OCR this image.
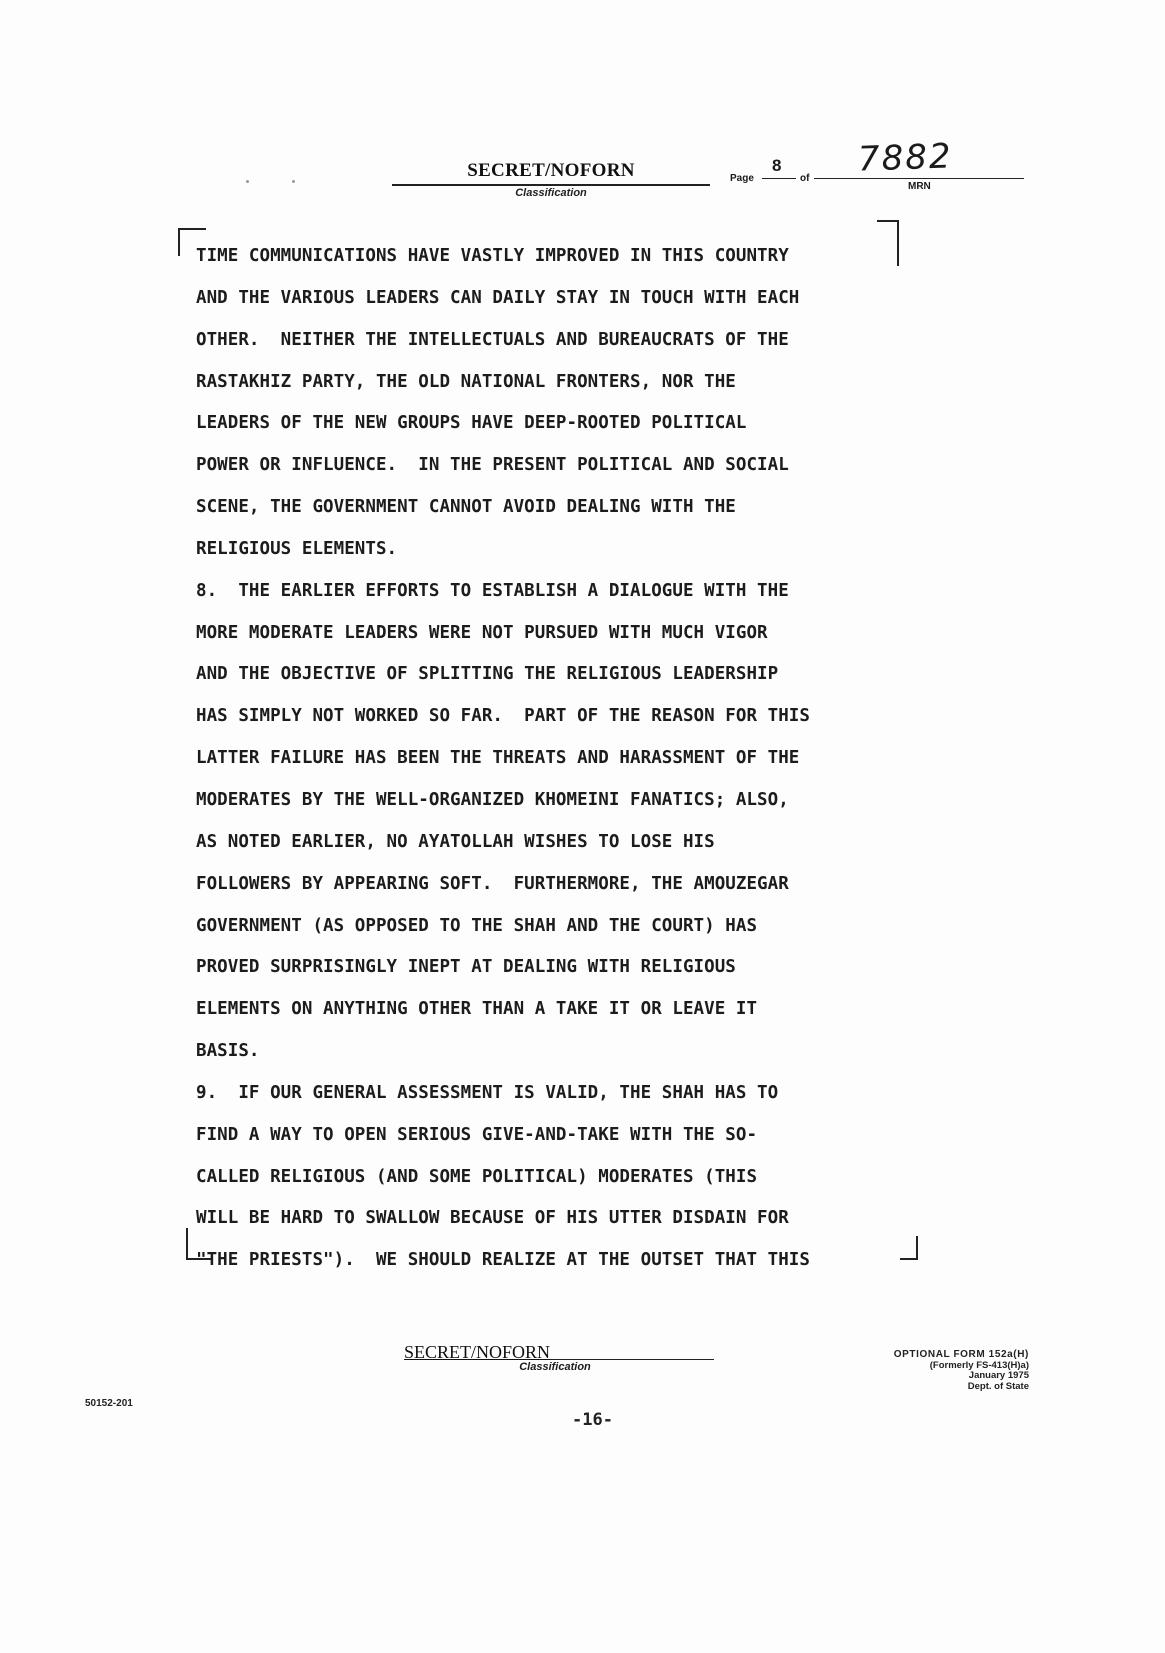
SECRET/NOFORN
Classification
Page
8
of 7882
MRN
TIME COMMUNICATIONS HAVE VASTLY IMPROVED IN THIS COUNTRY
AND THE VARIOUS LEADERS CAN DAILY STAY IN TOUCH WITH EACH
OTHER.  NEITHER THE INTELLECTUALS AND BUREAUCRATS OF THE
RASTAKHIZ PARTY, THE OLD NATIONAL FRONTERS, NOR THE
LEADERS OF THE NEW GROUPS HAVE DEEP-ROOTED POLITICAL
POWER OR INFLUENCE.  IN THE PRESENT POLITICAL AND SOCIAL
SCENE, THE GOVERNMENT CANNOT AVOID DEALING WITH THE
RELIGIOUS ELEMENTS.
8.  THE EARLIER EFFORTS TO ESTABLISH A DIALOGUE WITH THE
MORE MODERATE LEADERS WERE NOT PURSUED WITH MUCH VIGOR
AND THE OBJECTIVE OF SPLITTING THE RELIGIOUS LEADERSHIP
HAS SIMPLY NOT WORKED SO FAR.  PART OF THE REASON FOR THIS
LATTER FAILURE HAS BEEN THE THREATS AND HARASSMENT OF THE
MODERATES BY THE WELL-ORGANIZED KHOMEINI FANATICS; ALSO,
AS NOTED EARLIER, NO AYATOLLAH WISHES TO LOSE HIS
FOLLOWERS BY APPEARING SOFT.  FURTHERMORE, THE AMOUZEGAR
GOVERNMENT (AS OPPOSED TO THE SHAH AND THE COURT) HAS
PROVED SURPRISINGLY INEPT AT DEALING WITH RELIGIOUS
ELEMENTS ON ANYTHING OTHER THAN A TAKE IT OR LEAVE IT
BASIS.
9.  IF OUR GENERAL ASSESSMENT IS VALID, THE SHAH HAS TO
FIND A WAY TO OPEN SERIOUS GIVE-AND-TAKE WITH THE SO-
CALLED RELIGIOUS (AND SOME POLITICAL) MODERATES (THIS
WILL BE HARD TO SWALLOW BECAUSE OF HIS UTTER DISDAIN FOR
"THE PRIESTS").  WE SHOULD REALIZE AT THE OUTSET THAT THIS
SECRET/NOFORN
Classification
OPTIONAL FORM 152a(H)
(Formerly FS-413(H)a)
January 1975
Dept. of State
50152-201
-16-
